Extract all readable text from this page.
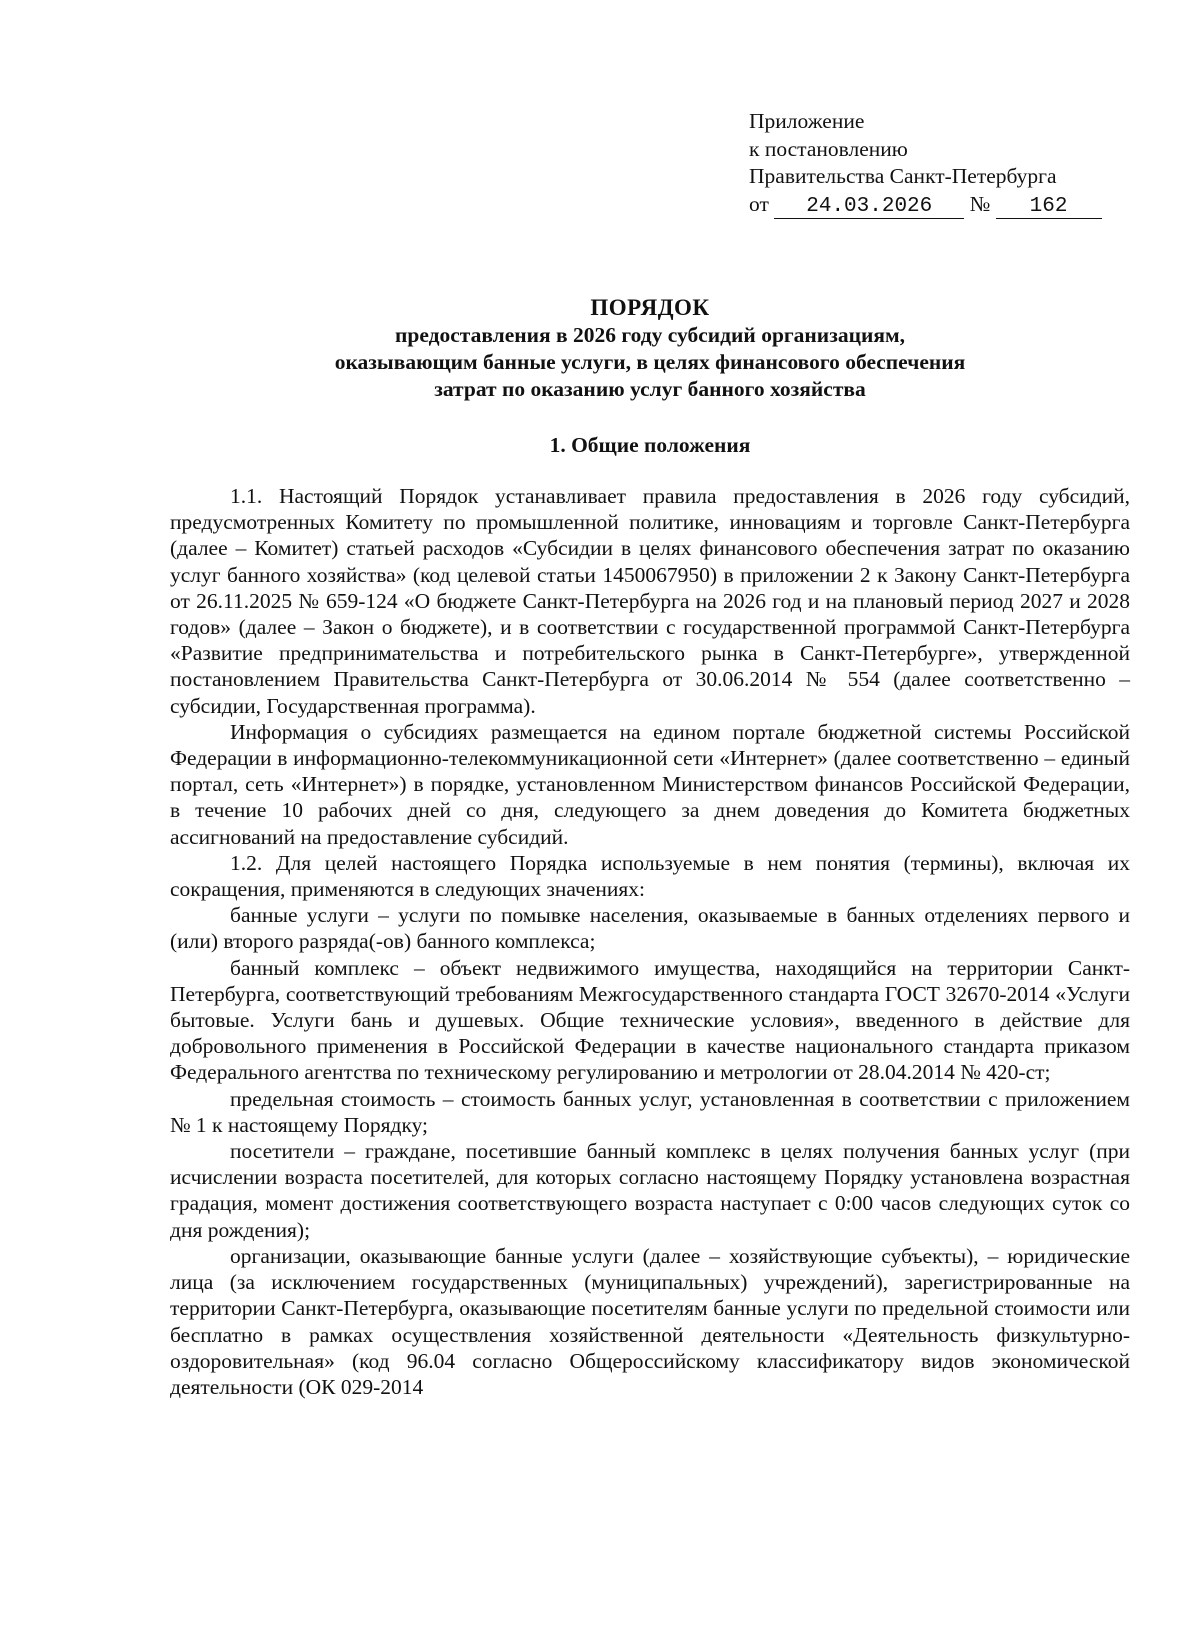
Приложение
к постановлению
Правительства Санкт-Петербурга
от 24.03.2026 № 162
ПОРЯДОК
предоставления в 2026 году субсидий организациям,
оказывающим банные услуги, в целях финансового обеспечения
затрат по оказанию услуг банного хозяйства
1. Общие положения

1.1. Настоящий Порядок устанавливает правила предоставления в 2026 году субсидий, предусмотренных Комитету по промышленной политике, инновациям и торговле Санкт-Петербурга (далее – Комитет) статьей расходов «Субсидии в целях финансового обеспечения затрат по оказанию услуг банного хозяйства» (код целевой статьи 1450067950) в приложении 2 к Закону Санкт-Петербурга от 26.11.2025 № 659-124 «О бюджете Санкт-Петербурга на 2026 год и на плановый период 2027 и 2028 годов» (далее – Закон о бюджете), и в соответствии с государственной программой Санкт-Петербурга «Развитие предпринимательства и потребительского рынка в Санкт-Петербурге», утвержденной постановлением Правительства Санкт-Петербурга от 30.06.2014 № 554 (далее соответственно – субсидии, Государственная программа).

Информация о субсидиях размещается на едином портале бюджетной системы Российской Федерации в информационно-телекоммуникационной сети «Интернет» (далее соответственно – единый портал, сеть «Интернет») в порядке, установленном Министерством финансов Российской Федерации, в течение 10 рабочих дней со дня, следующего за днем доведения до Комитета бюджетных ассигнований на предоставление субсидий.

1.2. Для целей настоящего Порядка используемые в нем понятия (термины), включая их сокращения, применяются в следующих значениях:

банные услуги – услуги по помывке населения, оказываемые в банных отделениях первого и (или) второго разряда(-ов) банного комплекса;

банный комплекс – объект недвижимого имущества, находящийся на территории Санкт-Петербурга, соответствующий требованиям Межгосударственного стандарта ГОСТ 32670-2014 «Услуги бытовые. Услуги бань и душевых. Общие технические условия», введенного в действие для добровольного применения в Российской Федерации в качестве национального стандарта приказом Федерального агентства по техническому регулированию и метрологии от 28.04.2014 № 420-ст;

предельная стоимость – стоимость банных услуг, установленная в соответствии с приложением № 1 к настоящему Порядку;

посетители – граждане, посетившие банный комплекс в целях получения банных услуг (при исчислении возраста посетителей, для которых согласно настоящему Порядку установлена возрастная градация, момент достижения соответствующего возраста наступает с 0:00 часов следующих суток со дня рождения);

организации, оказывающие банные услуги (далее – хозяйствующие субъекты), – юридические лица (за исключением государственных (муниципальных) учреждений), зарегистрированные на территории Санкт-Петербурга, оказывающие посетителям банные услуги по предельной стоимости или бесплатно в рамках осуществления хозяйственной деятельности «Деятельность физкультурно-оздоровительная» (код 96.04 согласно Общероссийскому классификатору видов экономической деятельности (ОК 029-2014
